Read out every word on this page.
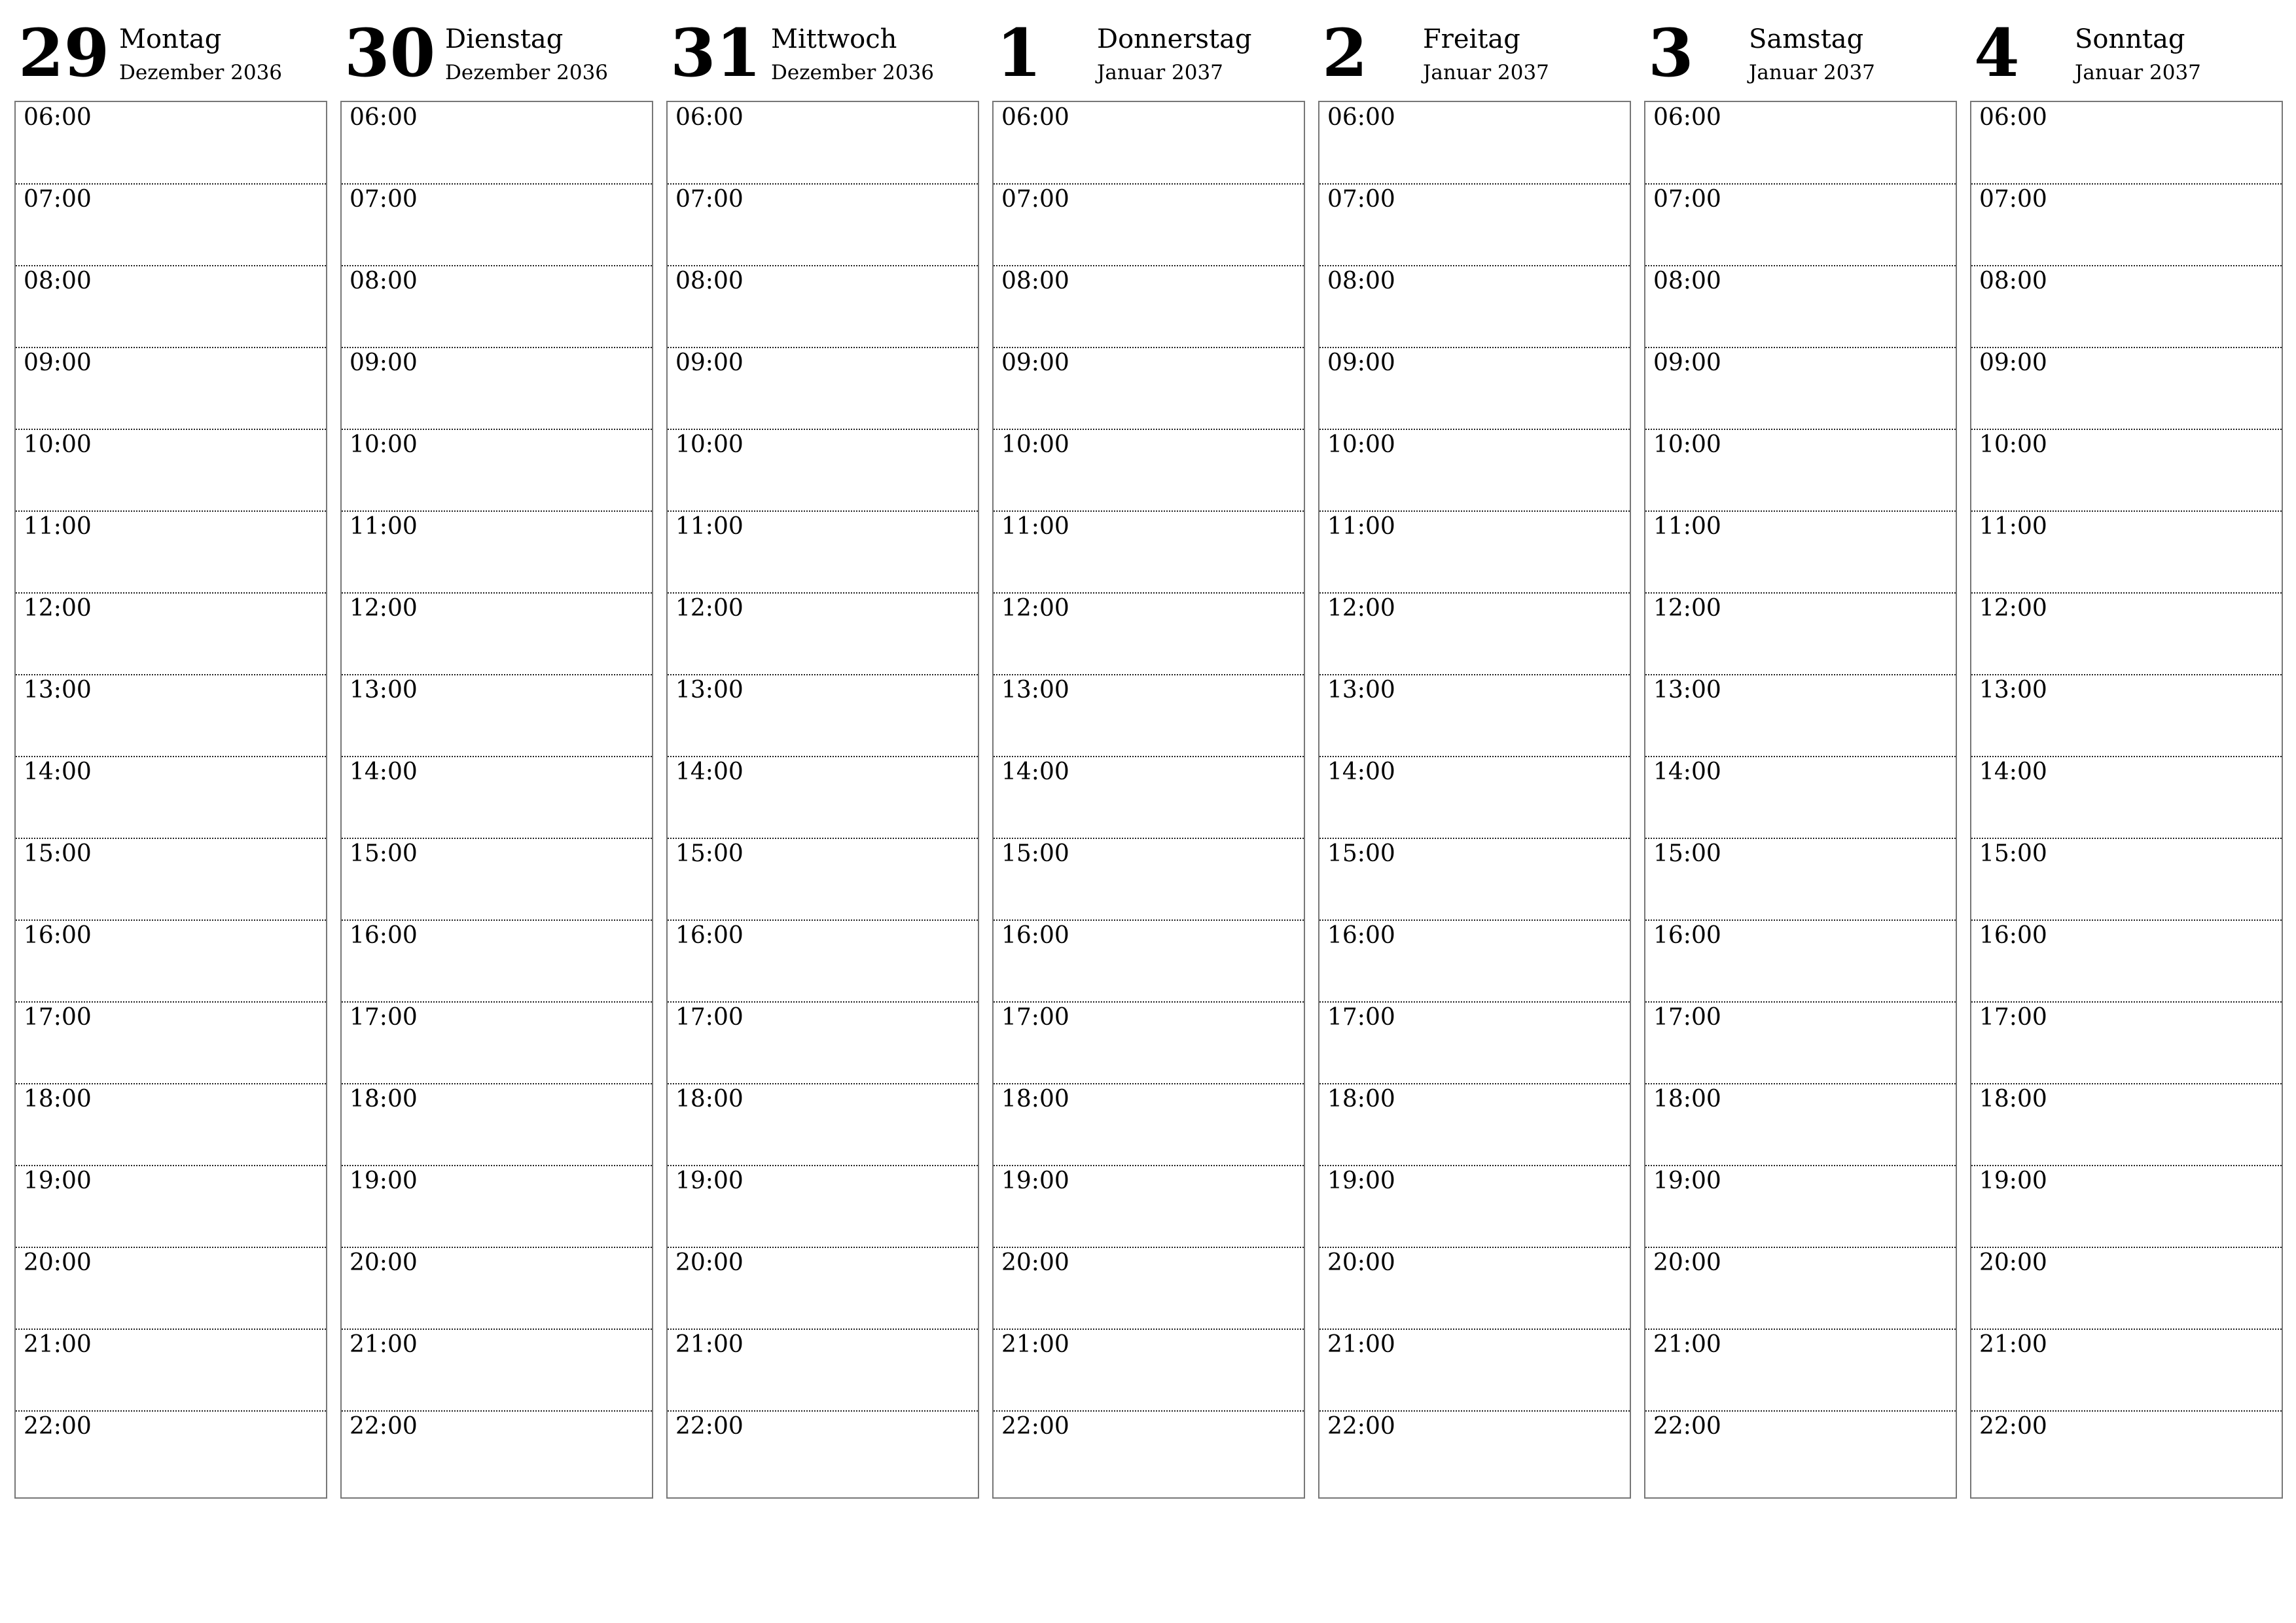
29 Montag
Dezember 2036
06:00
07:00
08:00
09:00
10:00
11:00
12:00
13:00
14:00
15:00
16:00
17:00
18:00
19:00
20:00
21:00
22:00
30 Dienstag
Dezember 2036
06:00
07:00
08:00
09:00
10:00
11:00
12:00
13:00
14:00
15:00
16:00
17:00
18:00
19:00
20:00
21:00
22:00
31 Mittwoch
Dezember 2036
06:00
07:00
08:00
09:00
10:00
11:00
12:00
13:00
14:00
15:00
16:00
17:00
18:00
19:00
20:00
21:00
22:00
1 Donnerstag
Januar 2037
06:00
07:00
08:00
09:00
10:00
11:00
12:00
13:00
14:00
15:00
16:00
17:00
18:00
19:00
20:00
21:00
22:00
2 Freitag
Januar 2037
06:00
07:00
08:00
09:00
10:00
11:00
12:00
13:00
14:00
15:00
16:00
17:00
18:00
19:00
20:00
21:00
22:00
3 Samstag
Januar 2037
06:00
07:00
08:00
09:00
10:00
11:00
12:00
13:00
14:00
15:00
16:00
17:00
18:00
19:00
20:00
21:00
22:00
4 Sonntag
Januar 2037
06:00
07:00
08:00
09:00
10:00
11:00
12:00
13:00
14:00
15:00
16:00
17:00
18:00
19:00
20:00
21:00
22:00
